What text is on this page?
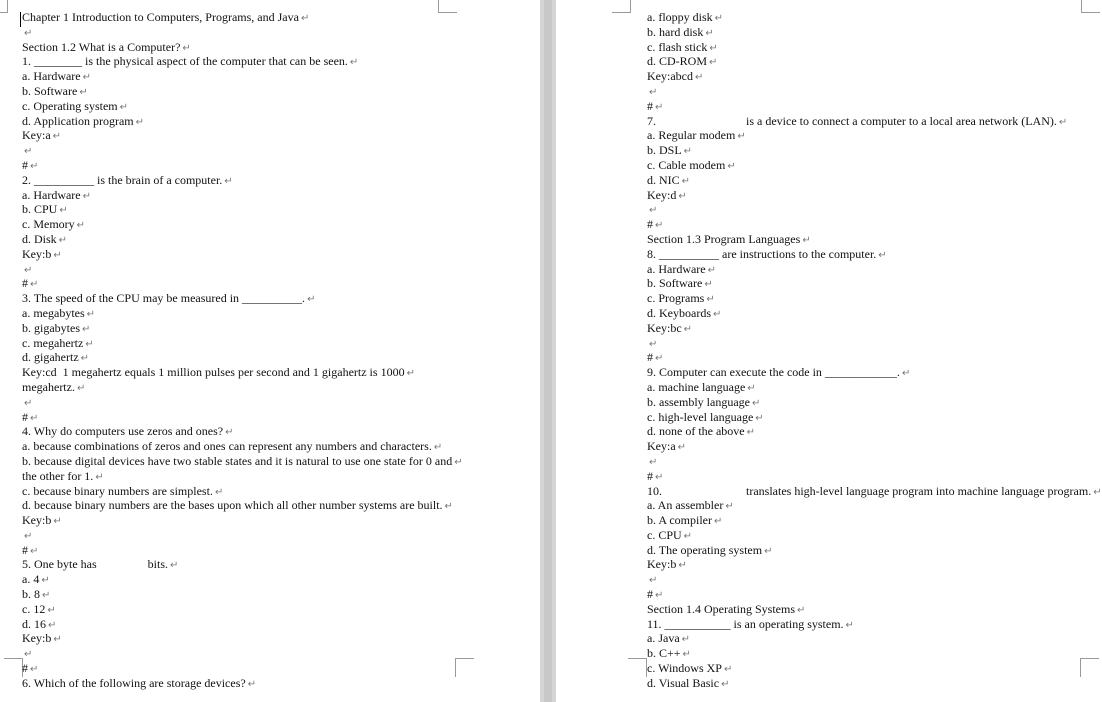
Chapter 1 Introduction to Computers, Programs, and Java ↵
↵
Section 1.2 What is a Computer? ↵
1. ________ is the physical aspect of the computer that can be seen. ↵
a. Hardware ↵
b. Software ↵
c. Operating system ↵
d. Application program ↵
Key:a ↵
↵
# ↵
2. __________ is the brain of a computer. ↵
a. Hardware ↵
b. CPU ↵
c. Memory ↵
d. Disk ↵
Key:b ↵
↵
# ↵
3. The speed of the CPU may be measured in __________. ↵
a. megabytes ↵
b. gigabytes ↵
c. megahertz ↵
d. gigahertz ↵
Key:cd  1 megahertz equals 1 million pulses per second and 1 gigahertz is 1000 ↵
megahertz. ↵
↵
# ↵
4. Why do computers use zeros and ones? ↵
a. because combinations of zeros and ones can represent any numbers and characters. ↵
b. because digital devices have two stable states and it is natural to use one state for 0 and ↵
the other for 1. ↵
c. because binary numbers are simplest. ↵
d. because binary numbers are the bases upon which all other number systems are built. ↵
Key:b ↵
↵
# ↵
5. One byte has                 bits. ↵
a. 4 ↵
b. 8 ↵
c. 12 ↵
d. 16 ↵
Key:b ↵
↵
# ↵
6. Which of the following are storage devices? ↵
a. floppy disk ↵
b. hard disk ↵
c. flash stick ↵
d. CD-ROM ↵
Key:abcd ↵
↵
# ↵
7.                              is a device to connect a computer to a local area network (LAN). ↵
a. Regular modem ↵
b. DSL ↵
c. Cable modem ↵
d. NIC ↵
Key:d ↵
↵
# ↵
Section 1.3 Program Languages ↵
8. __________ are instructions to the computer. ↵
a. Hardware ↵
b. Software ↵
c. Programs ↵
d. Keyboards ↵
Key:bc ↵
↵
# ↵
9. Computer can execute the code in ____________. ↵
a. machine language ↵
b. assembly language ↵
c. high-level language ↵
d. none of the above ↵
Key:a ↵
↵
# ↵
10.                            translates high-level language program into machine language program. ↵
a. An assembler ↵
b. A compiler ↵
c. CPU ↵
d. The operating system ↵
Key:b ↵
↵
# ↵
Section 1.4 Operating Systems ↵
11. ___________ is an operating system. ↵
a. Java ↵
b. C++ ↵
c. Windows XP ↵
d. Visual Basic ↵
